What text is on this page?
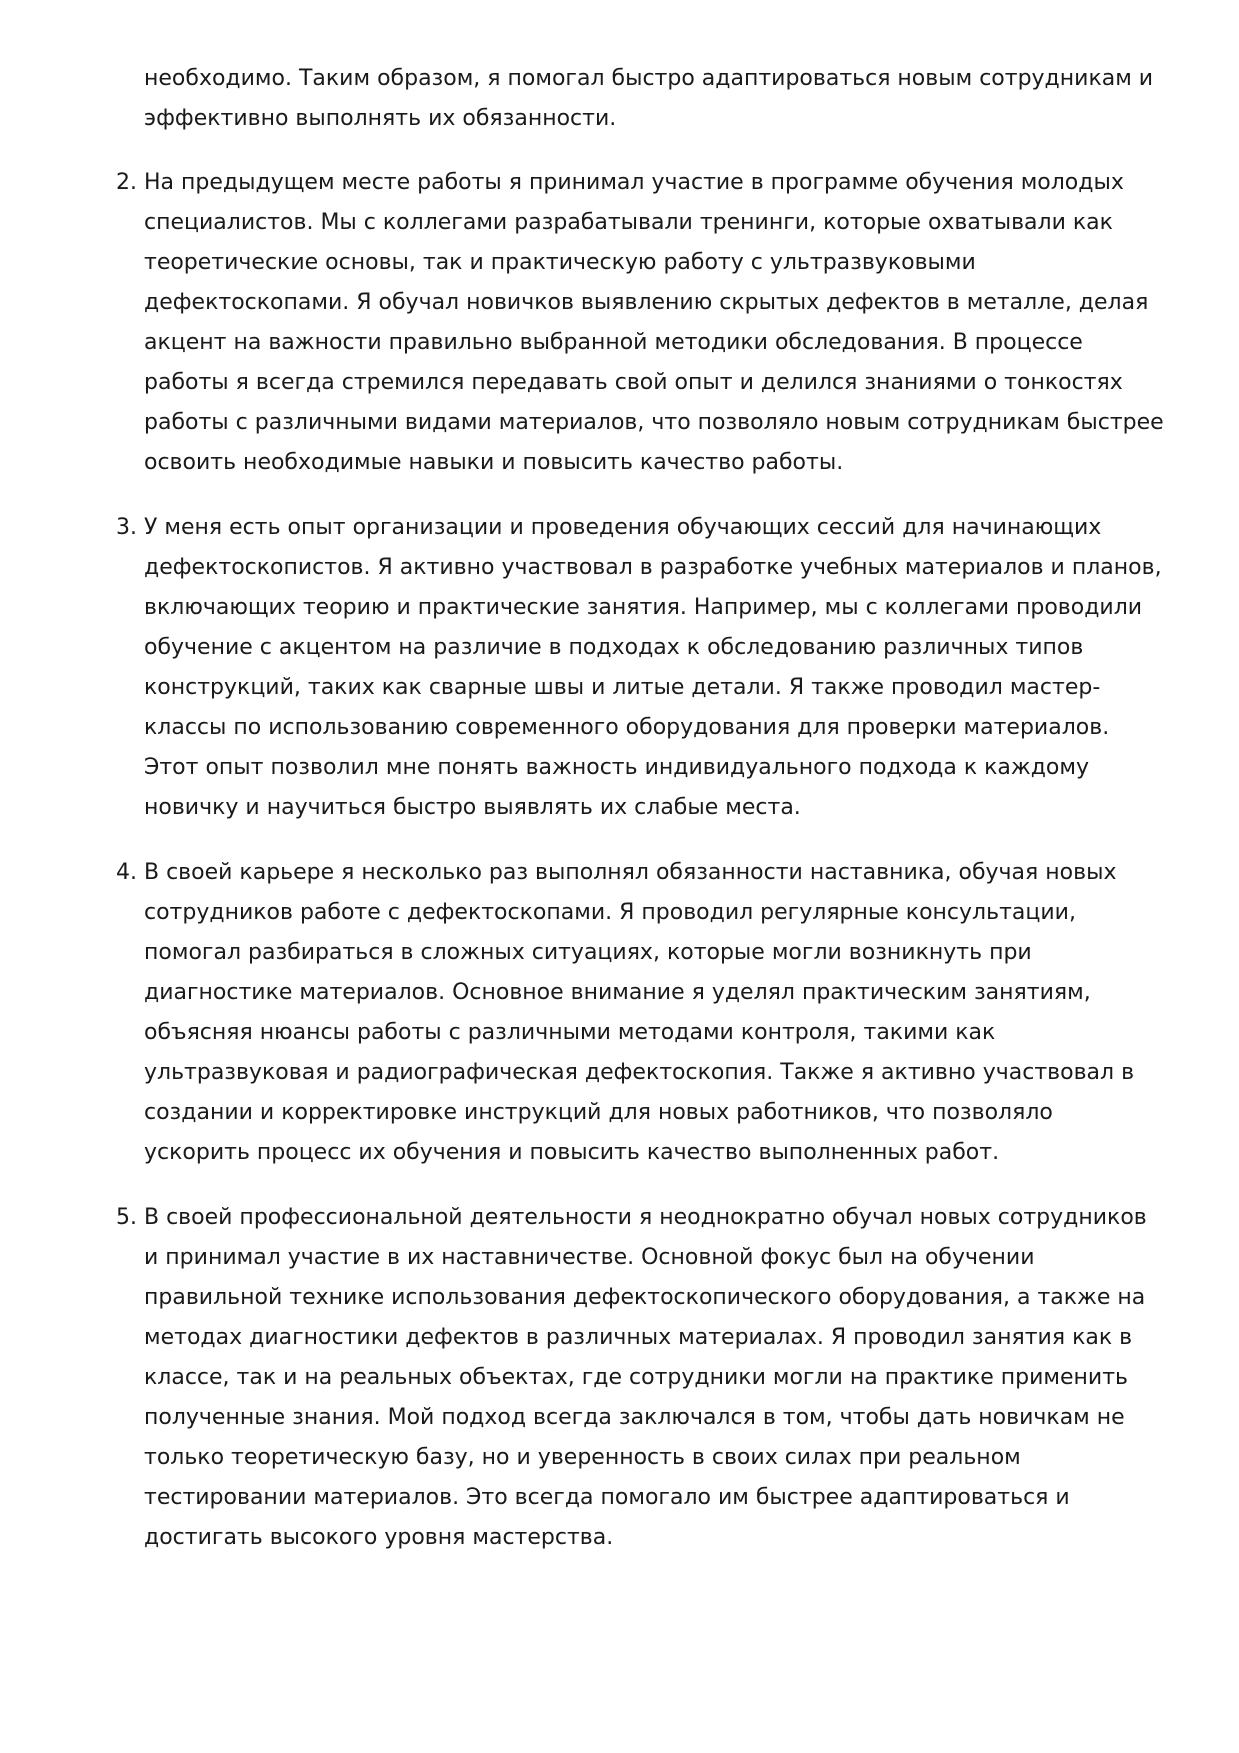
необходимо. Таким образом, я помогал быстро адаптироваться новым сотрудникам и эффективно выполнять их обязанности.

2. На предыдущем месте работы я принимал участие в программе обучения молодых специалистов. Мы с коллегами разрабатывали тренинги, которые охватывали как теоретические основы, так и практическую работу с ультразвуковыми дефектоскопами. Я обучал новичков выявлению скрытых дефектов в металле, делая акцент на важности правильно выбранной методики обследования. В процессе работы я всегда стремился передавать свой опыт и делился знаниями о тонкостях работы с различными видами материалов, что позволяло новым сотрудникам быстрее освоить необходимые навыки и повысить качество работы.

3. У меня есть опыт организации и проведения обучающих сессий для начинающих дефектоскопистов. Я активно участвовал в разработке учебных материалов и планов, включающих теорию и практические занятия. Например, мы с коллегами проводили обучение с акцентом на различие в подходах к обследованию различных типов конструкций, таких как сварные швы и литые детали. Я также проводил мастер-классы по использованию современного оборудования для проверки материалов. Этот опыт позволил мне понять важность индивидуального подхода к каждому новичку и научиться быстро выявлять их слабые места.

4. В своей карьере я несколько раз выполнял обязанности наставника, обучая новых сотрудников работе с дефектоскопами. Я проводил регулярные консультации, помогал разбираться в сложных ситуациях, которые могли возникнуть при диагностике материалов. Основное внимание я уделял практическим занятиям, объясняя нюансы работы с различными методами контроля, такими как ультразвуковая и радиографическая дефектоскопия. Также я активно участвовал в создании и корректировке инструкций для новых работников, что позволяло ускорить процесс их обучения и повысить качество выполненных работ.

5. В своей профессиональной деятельности я неоднократно обучал новых сотрудников и принимал участие в их наставничестве. Основной фокус был на обучении правильной технике использования дефектоскопического оборудования, а также на методах диагностики дефектов в различных материалах. Я проводил занятия как в классе, так и на реальных объектах, где сотрудники могли на практике применить полученные знания. Мой подход всегда заключался в том, чтобы дать новичкам не только теоретическую базу, но и уверенность в своих силах при реальном тестировании материалов. Это всегда помогало им быстрее адаптироваться и достигать высокого уровня мастерства.
